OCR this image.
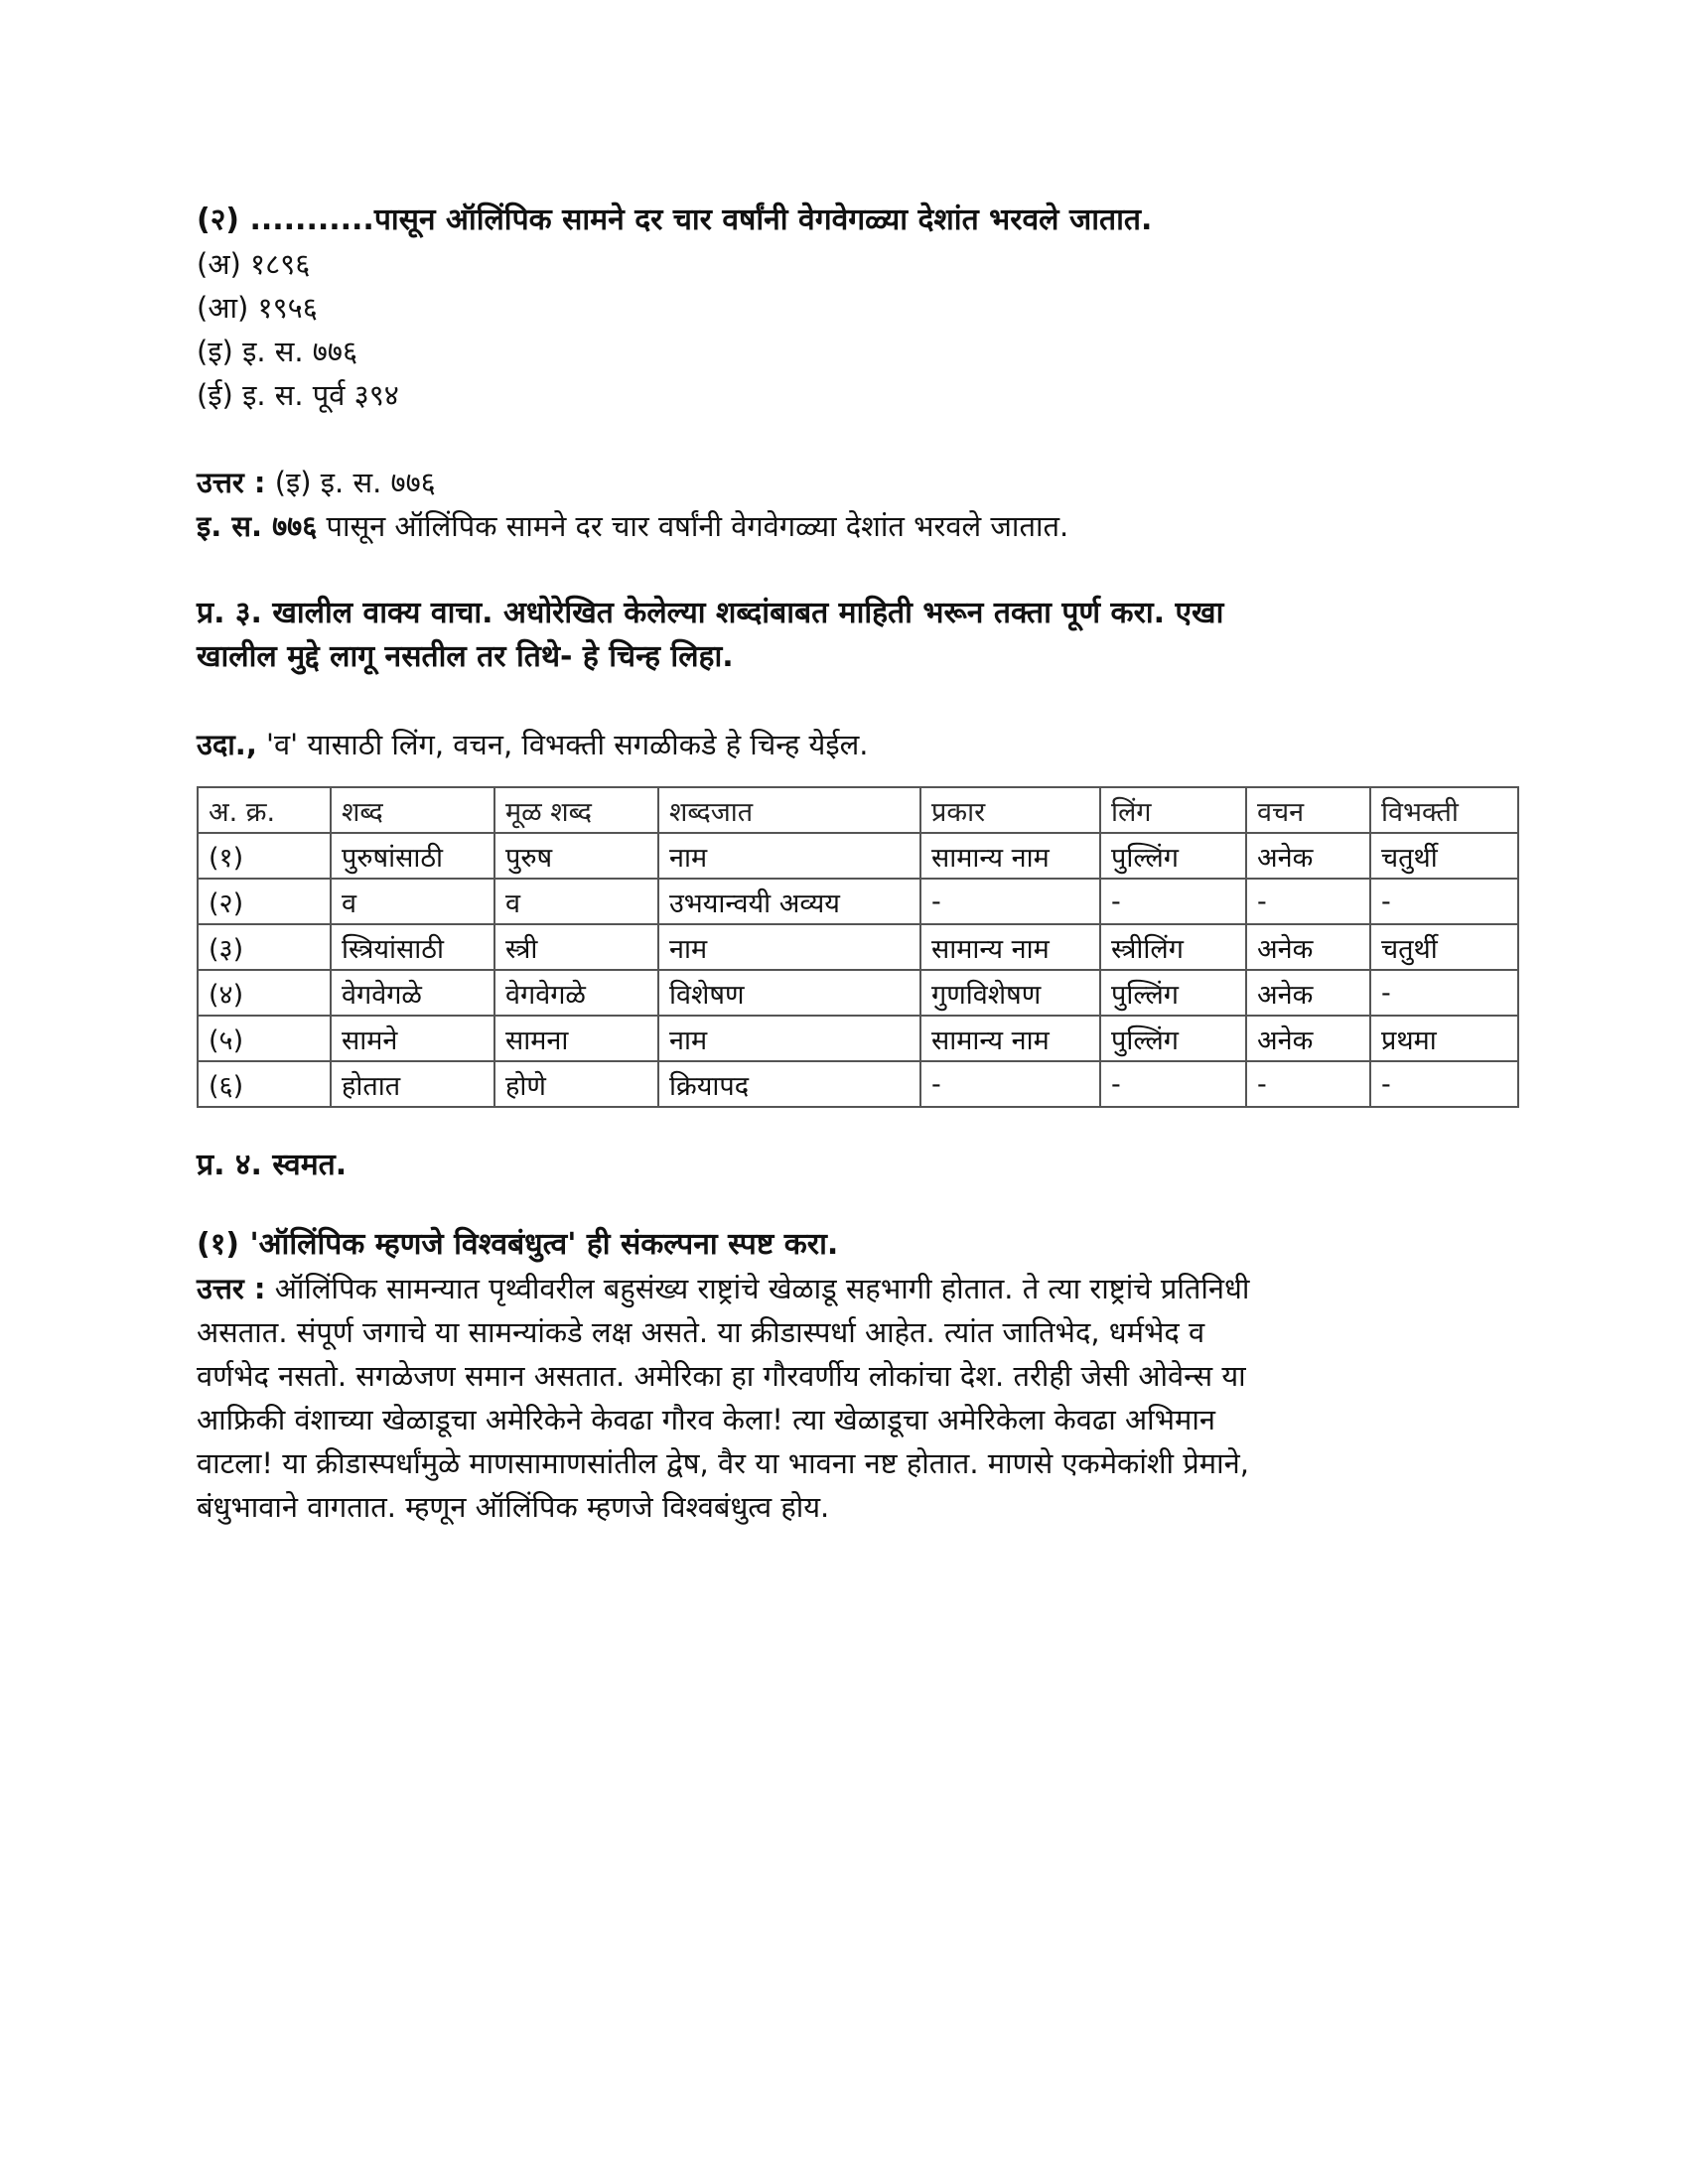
(२) ...........पासून ऑलिंपिक सामने दर चार वर्षांनी वेगवेगळ्या देशांत भरवले जातात.

(अ) १८९६

(आ) १९५६

(इ) इ. स. ७७६

(ई) इ. स. पूर्व ३९४

उत्तर : (इ) इ. स. ७७६

इ. स. ७७६ पासून ऑलिंपिक सामने दर चार वर्षांनी वेगवेगळ्या देशांत भरवले जातात.

प्र. ३. खालील वाक्य वाचा. अधोरेखित केलेल्या शब्दांबाबत माहिती भरून तक्ता पूर्ण करा. एखा

खालील मुद्दे लागू नसतील तर तिथे- हे चिन्ह लिहा.

उदा., 'व' यासाठी लिंग, वचन, विभक्ती सगळीकडे हे चिन्ह येईल.

अ. क्र.	शब्द	मूळ शब्द	शब्दजात	प्रकार	लिंग	वचन	विभक्ती
(१)	पुरुषांसाठी	पुरुष	नाम	सामान्य नाम	पुल्लिंग	अनेक	चतुर्थी
(२)	व	व	उभयान्वयी अव्यय	-	-	-	-
(३)	स्त्रियांसाठी	स्त्री	नाम	सामान्य नाम	स्त्रीलिंग	अनेक	चतुर्थी
(४)	वेगवेगळे	वेगवेगळे	विशेषण	गुणविशेषण	पुल्लिंग	अनेक	-
(५)	सामने	सामना	नाम	सामान्य नाम	पुल्लिंग	अनेक	प्रथमा
(६)	होतात	होणे	क्रियापद	-	-	-	-

प्र. ४. स्वमत.

(१) 'ऑलिंपिक म्हणजे विश्वबंधुत्व' ही संकल्पना स्पष्ट करा.

उत्तर : ऑलिंपिक सामन्यात पृथ्वीवरील बहुसंख्य राष्ट्रांचे खेळाडू सहभागी होतात. ते त्या राष्ट्रांचे प्रतिनिधी

असतात. संपूर्ण जगाचे या सामन्यांकडे लक्ष असते. या क्रीडास्पर्धा आहेत. त्यांत जातिभेद, धर्मभेद व

वर्णभेद नसतो. सगळेजण समान असतात. अमेरिका हा गौरवर्णीय लोकांचा देश. तरीही जेसी ओवेन्स या

आफ्रिकी वंशाच्या खेळाडूचा अमेरिकेने केवढा गौरव केला! त्या खेळाडूचा अमेरिकेला केवढा अभिमान

वाटला! या क्रीडास्पर्धांमुळे माणसामाणसांतील द्वेष, वैर या भावना नष्ट होतात. माणसे एकमेकांशी प्रेमाने,

बंधुभावाने वागतात. म्हणून ऑलिंपिक म्हणजे विश्वबंधुत्व होय.
